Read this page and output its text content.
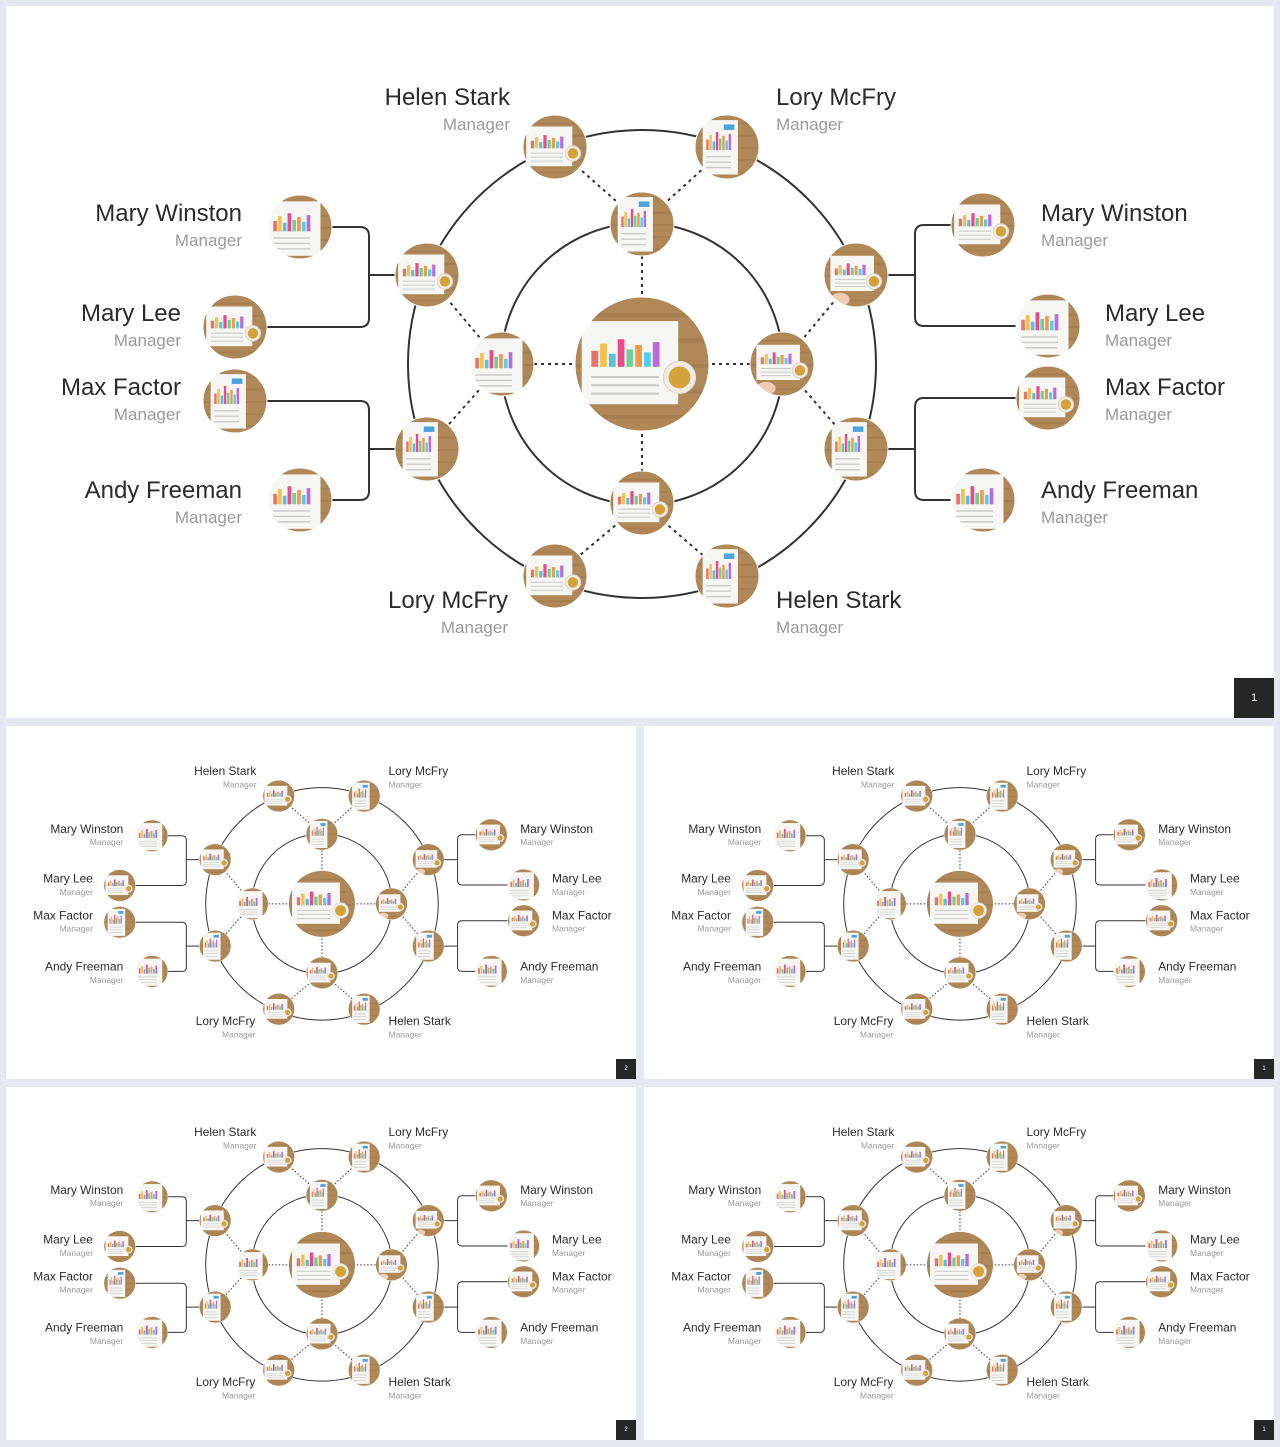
Helen Stark
Manager
Lory McFry
Manager
Mary Winston
Manager
Mary Lee
Manager
Max Factor
Manager
Andy Freeman
Manager
Mary Winston
Manager
Mary Lee
Manager
Max Factor
Manager
Andy Freeman
Manager
Lory McFry
Manager
Helen Stark
Manager
1
Helen Stark
Manager
Lory McFry
Manager
Mary Winston
Manager
Mary Lee
Manager
Max Factor
Manager
Andy Freeman
Manager
Mary Winston
Manager
Mary Lee
Manager
Max Factor
Manager
Andy Freeman
Manager
Lory McFry
Manager
Helen Stark
Manager
2
Helen Stark
Manager
Lory McFry
Manager
Mary Winston
Manager
Mary Lee
Manager
Max Factor
Manager
Andy Freeman
Manager
Mary Winston
Manager
Mary Lee
Manager
Max Factor
Manager
Andy Freeman
Manager
Lory McFry
Manager
Helen Stark
Manager
1
Helen Stark
Manager
Lory McFry
Manager
Mary Winston
Manager
Mary Lee
Manager
Max Factor
Manager
Andy Freeman
Manager
Mary Winston
Manager
Mary Lee
Manager
Max Factor
Manager
Andy Freeman
Manager
Lory McFry
Manager
Helen Stark
Manager
2
Helen Stark
Manager
Lory McFry
Manager
Mary Winston
Manager
Mary Lee
Manager
Max Factor
Manager
Andy Freeman
Manager
Mary Winston
Manager
Mary Lee
Manager
Max Factor
Manager
Andy Freeman
Manager
Lory McFry
Manager
Helen Stark
Manager
1
